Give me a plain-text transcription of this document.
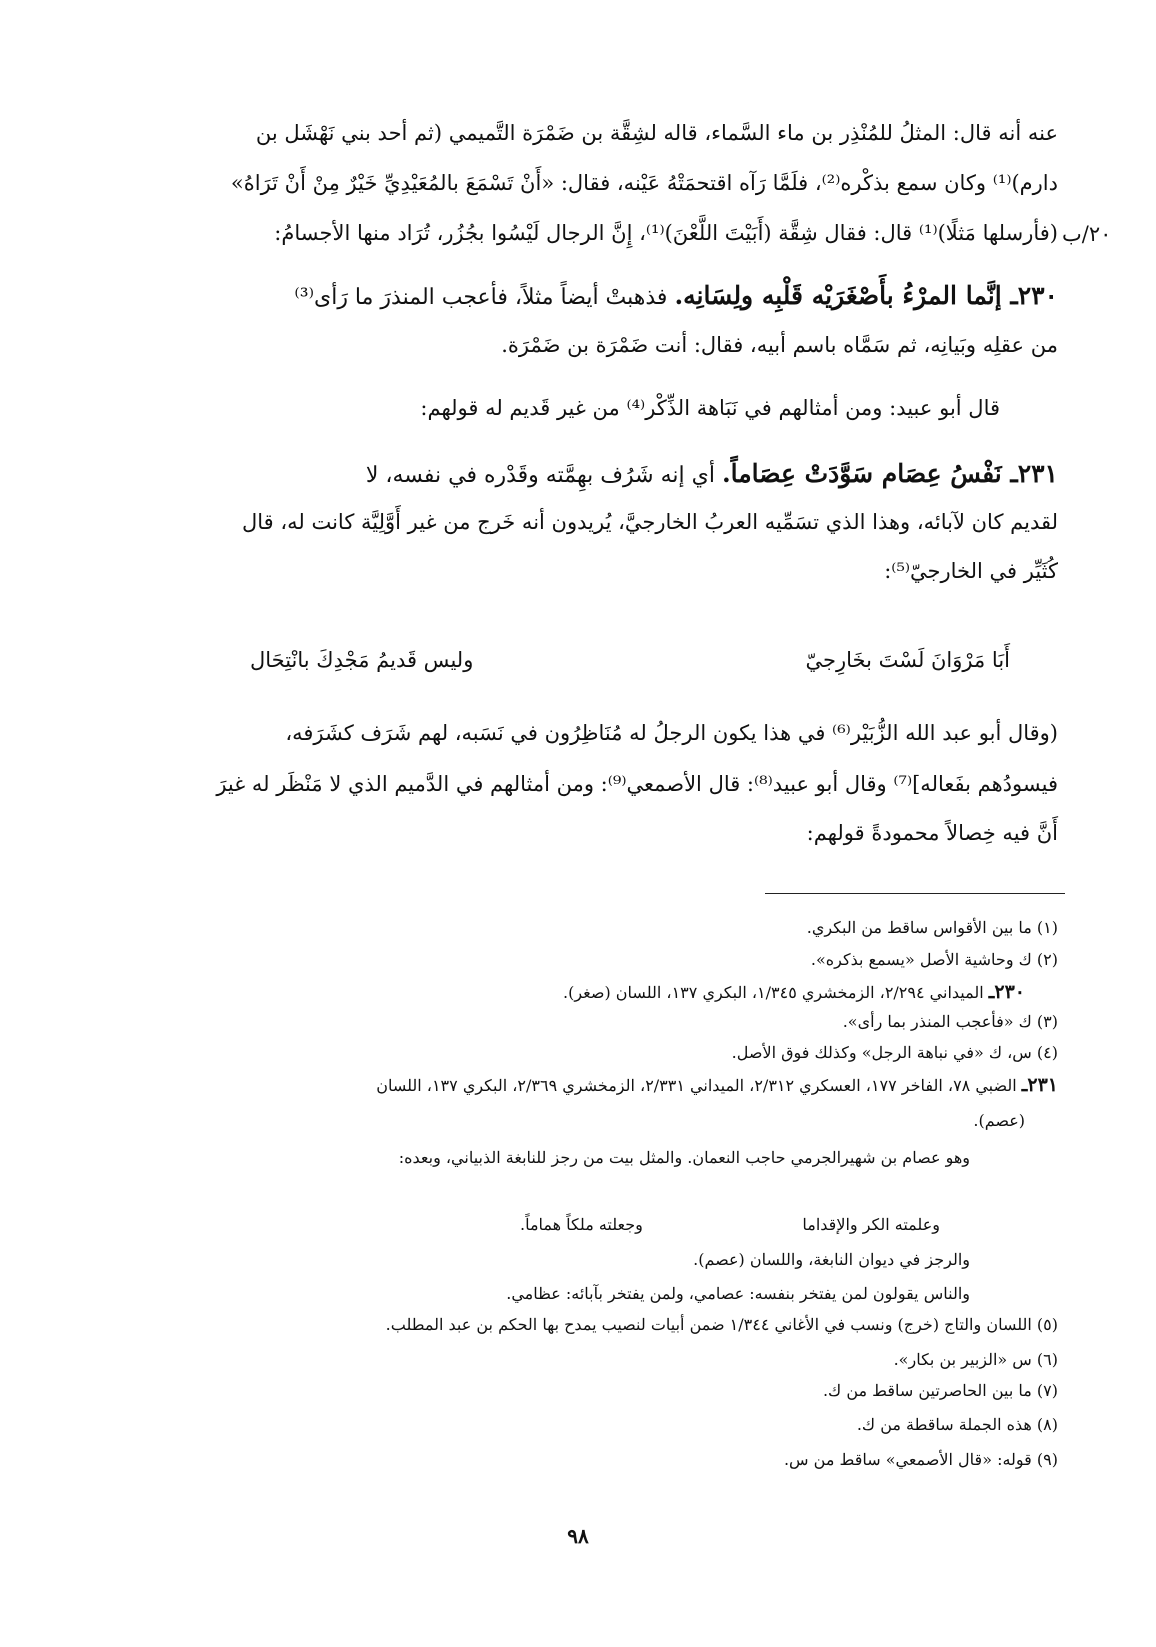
عنه أنه قال: المثلُ للمُنْذِر بن ماء السَّماء، قاله لشِقَّة بن ضَمْرَة التَّميمي (ثم أحد بني نَهْشَل بن

دارم)⁽¹⁾ وكان سمع بذكْره⁽²⁾، فلَمَّا رَآه اقتحمَتْهُ عَيْنه، فقال: «أَنْ تَسْمَعَ بالمُعَيْدِيِّ خَيْرٌ مِنْ أَنْ تَرَاهُ»

(فأرسلها مَثلًا)⁽¹⁾ قال: فقال شِقَّة (أَبَيْتَ اللَّعْنَ)⁽¹⁾، إِنَّ الرجال لَيْسُوا بجُزُر، تُرَاد منها الأجسامُ: ٢٠/ب

٢٣٠ـ إنَّما المرْءُ بأَصْغَرَيْه قَلْبِه ولِسَانِه. فذهبتْ أيضاً مثلاً، فأعجب المنذرَ ما رَأى⁽³⁾

من عقلِه وبَيانِه، ثم سَمَّاه باسم أبيه، فقال: أنت ضَمْرَة بن ضَمْرَة.

قال أبو عبيد: ومن أمثالهم في نَبَاهة الذِّكْر⁽⁴⁾ من غير قَديم له قولهم:

٢٣١ـ نَفْسُ عِصَام سَوَّدَتْ عِصَاماً. أي إنه شَرُف بهِمَّته وقَدْره في نفسه، لا

لقديم كان لآبائه، وهذا الذي تسَمِّيه العربُ الخارجيَّ، يُريدون أنه خَرج من غير أَوَّلِيَّة كانت له، قال

كُثَيِّر في الخارجيّ⁽⁵⁾:

أَبَا مَرْوَانَ لَسْتَ بخَارِجيّ
وليس قَديمُ مَجْدِكَ بانْتِحَال

(وقال أبو عبد الله الزُّبَيْر⁽⁶⁾ في هذا يكون الرجلُ له مُنَاظِرُون في نَسَبه، لهم شَرَف كشَرَفه،

فيسودُهم بفَعاله]⁽⁷⁾ وقال أبو عبيد⁽⁸⁾: قال الأصمعي⁽⁹⁾: ومن أمثالهم في الدَّميم الذي لا مَنْظَر له غيرَ

أَنَّ فيه خِصالاً محمودةً قولهم:

(١) ما بين الأقواس ساقط من البكري.

(٢) ك وحاشية الأصل «يسمع بذكره».

٢٣٠ـ الميداني ٢/٢٩٤، الزمخشري ١/٣٤٥، البكري ١٣٧، اللسان (صغر).

(٣) ك «فأعجب المنذر بما رأى».

(٤) س، ك «في نباهة الرجل» وكذلك فوق الأصل.

٢٣١ـ الضبي ٧٨، الفاخر ١٧٧، العسكري ٢/٣١٢، الميداني ٢/٣٣١، الزمخشري ٢/٣٦٩، البكري ١٣٧، اللسان

(عصم).

وهو عصام بن شهيرالجرمي حاجب النعمان. والمثل بيت من رجز للنابغة الذبياني، وبعده:

وعلمته الكر والإقداما
وجعلته ملكاً هماماً.

والرجز في ديوان النابغة، واللسان (عصم).

والناس يقولون لمن يفتخر بنفسه: عصامي، ولمن يفتخر بآبائه: عظامي.

(٥) اللسان والتاج (خرج) ونسب في الأغاني ١/٣٤٤ ضمن أبيات لنصيب يمدح بها الحكم بن عبد المطلب.

(٦) س «الزبير بن بكار».

(٧) ما بين الحاصرتين ساقط من ك.

(٨) هذه الجملة ساقطة من ك.

(٩) قوله: «قال الأصمعي» ساقط من س.

٩٨
